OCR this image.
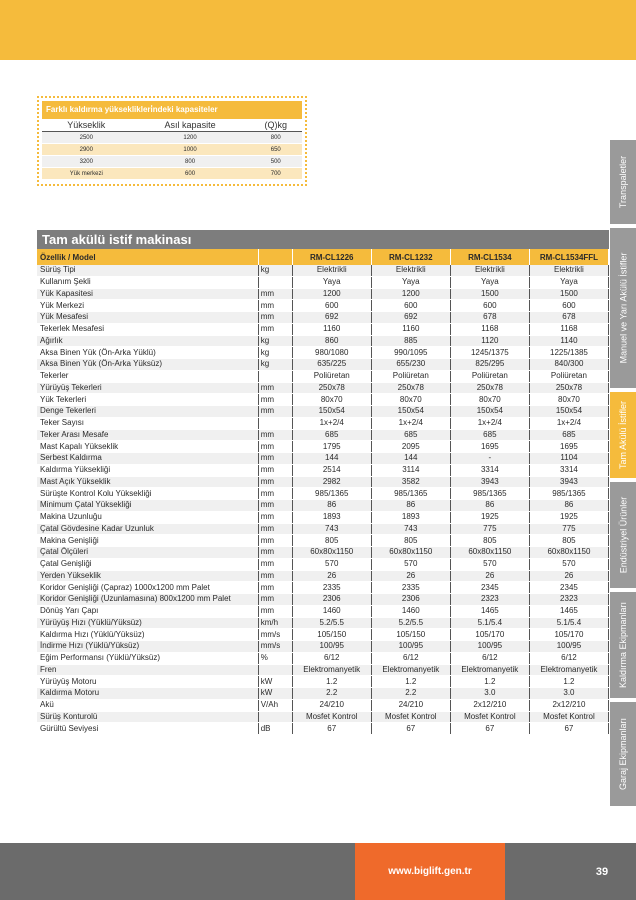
Farklı kaldırma yükseklikleri̇ndeki kapasiteler
Yükseklik	Asıl kapasite	(Q)kg
2500	1200	800
2900	1000	650
3200	800	500
Yük merkezi	600	700
Tam akülü istif makinası
Özellik / Model		RM-CL1226	RM-CL1232	RM-CL1534	RM-CL1534FFL
Sürüş Tipi	kg	Elektrikli	Elektrikli	Elektrikli	Elektrikli
Kullanım Şekli		Yaya	Yaya	Yaya	Yaya
Yük Kapasitesi	mm	1200	1200	1500	1500
Yük Merkezi	mm	600	600	600	600
Yük Mesafesi	mm	692	692	678	678
Tekerlek Mesafesi	mm	1160	1160	1168	1168
Ağırlık	kg	860	885	1120	1140
Aksa Binen Yük (Ön-Arka Yüklü)	kg	980/1080	990/1095	1245/1375	1225/1385
Aksa Binen Yük (Ön-Arka Yüksüz)	kg	635/225	655/230	825/295	840/300
Tekerler		Poliüretan	Poliüretan	Poliüretan	Poliüretan
Yürüyüş Tekerleri	mm	250x78	250x78	250x78	250x78
Yük Tekerleri	mm	80x70	80x70	80x70	80x70
Denge Tekerleri	mm	150x54	150x54	150x54	150x54
Teker Sayısı		1x+2/4	1x+2/4	1x+2/4	1x+2/4
Teker Arası Mesafe	mm	685	685	685	685
Mast Kapalı Yükseklik	mm	1795	2095	1695	1695
Serbest Kaldırma	mm	144	144	-	1104
Kaldırma Yüksekliği	mm	2514	3114	3314	3314
Mast Açık Yükseklik	mm	2982	3582	3943	3943
Sürüşte Kontrol Kolu Yüksekliği	mm	985/1365	985/1365	985/1365	985/1365
Minimum Çatal Yüksekliği	mm	86	86	86	86
Makina Uzunluğu	mm	1893	1893	1925	1925
Çatal Gövdesine Kadar Uzunluk	mm	743	743	775	775
Makina Genişliği	mm	805	805	805	805
Çatal Ölçüleri	mm	60x80x1150	60x80x1150	60x80x1150	60x80x1150
Çatal Genişliği	mm	570	570	570	570
Yerden Yükseklik	mm	26	26	26	26
Koridor Genişliği (Çapraz) 1000x1200 mm Palet	mm	2335	2335	2345	2345
Koridor Genişliği (Uzunlamasına) 800x1200 mm Palet	mm	2306	2306	2323	2323
Dönüş Yarı Çapı	mm	1460	1460	1465	1465
Yürüyüş Hızı (Yüklü/Yüksüz)	km/h	5.2/5.5	5.2/5.5	5.1/5.4	5.1/5.4
Kaldırma Hızı (Yüklü/Yüksüz)	mm/s	105/150	105/150	105/170	105/170
İndirme Hızı (Yüklü/Yüksüz)	mm/s	100/95	100/95	100/95	100/95
Eğim Performansı (Yüklü/Yüksüz)	%	6/12	6/12	6/12	6/12
Fren		Elektromanyetik	Elektromanyetik	Elektromanyetik	Elektromanyetik
Yürüyüş Motoru	kW	1.2	1.2	1.2	1.2
Kaldırma Motoru	kW	2.2	2.2	3.0	3.0
Akü	V/Ah	24/210	24/210	2x12/210	2x12/210
Sürüş Konturolü		Mosfet Kontrol	Mosfet Kontrol	Mosfet Kontrol	Mosfet Kontrol
Gürültü Seviyesi	dB	67	67	67	67
Transpaletler
Manuel ve Yarı Akülü İstifler
Tam Akülü İstifler
Endüstriyel Ürünler
Kaldırma Ekipmanları
Garaj Ekipmanları
www.biglift.gen.tr	39
